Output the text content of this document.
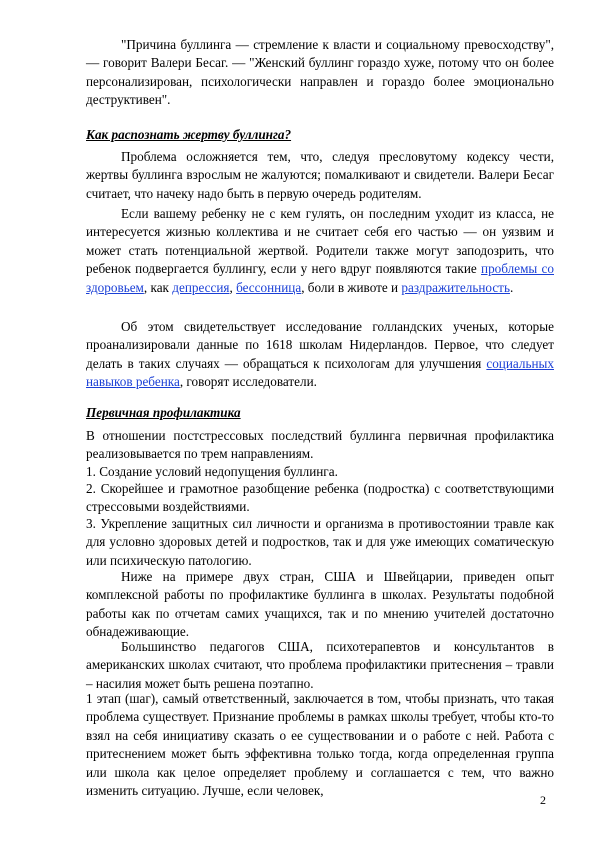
"Причина буллинга — стремление к власти и социальному превосходству", — говорит Валери Бесаг. — "Женский буллинг гораздо хуже, потому что он более персонализирован, психологически направлен и гораздо более эмоционально деструктивен".

Как распознать жертву буллинга?

Проблема осложняется тем, что, следуя пресловутому кодексу чести, жертвы буллинга взрослым не жалуются; помалкивают и свидетели. Валери Бесаг считает, что начеку надо быть в первую очередь родителям.

Если вашему ребенку не с кем гулять, он последним уходит из класса, не интересуется жизнью коллектива и не считает себя его частью — он уязвим и может стать потенциальной жертвой. Родители также могут заподозрить, что ребенок подвергается буллингу, если у него вдруг появляются такие проблемы со здоровьем, как депрессия, бессонница, боли в животе и раздражительность.

Об этом свидетельствует исследование голландских ученых, которые проанализировали данные по 1618 школам Нидерландов. Первое, что следует делать в таких случаях — обращаться к психологам для улучшения социальных навыков ребенка, говорят исследователи.

Первичная профилактика

В отношении постстрессовых последствий буллинга первичная профилактика реализовывается по трем направлениям.

1. Создание условий недопущения буллинга.

2. Скорейшее и грамотное разобщение ребенка (подростка) с соответствующими стрессовыми воздействиями.

3. Укрепление защитных сил личности и организма в противостоянии травле как для условно здоровых детей и подростков, так и для уже имеющих соматическую или психическую патологию.

Ниже на примере двух стран, США и Швейцарии, приведен опыт комплексной работы по профилактике буллинга в школах. Результаты подобной работы как по отчетам самих учащихся, так и по мнению учителей достаточно обнадеживающие.

Большинство педагогов США, психотерапевтов и консультантов в американских школах считают, что проблема профилактики притеснения – травли – насилия может быть решена поэтапно.

1 этап (шаг), самый ответственный, заключается в том, чтобы признать, что такая проблема существует. Признание проблемы в рамках школы требует, чтобы кто-то взял на себя инициативу сказать о ее существовании и о работе с ней. Работа с притеснением может быть эффективна только тогда, когда определенная группа или школа как целое определяет проблему и соглашается с тем, что важно изменить ситуацию. Лучше, если человек,

2
